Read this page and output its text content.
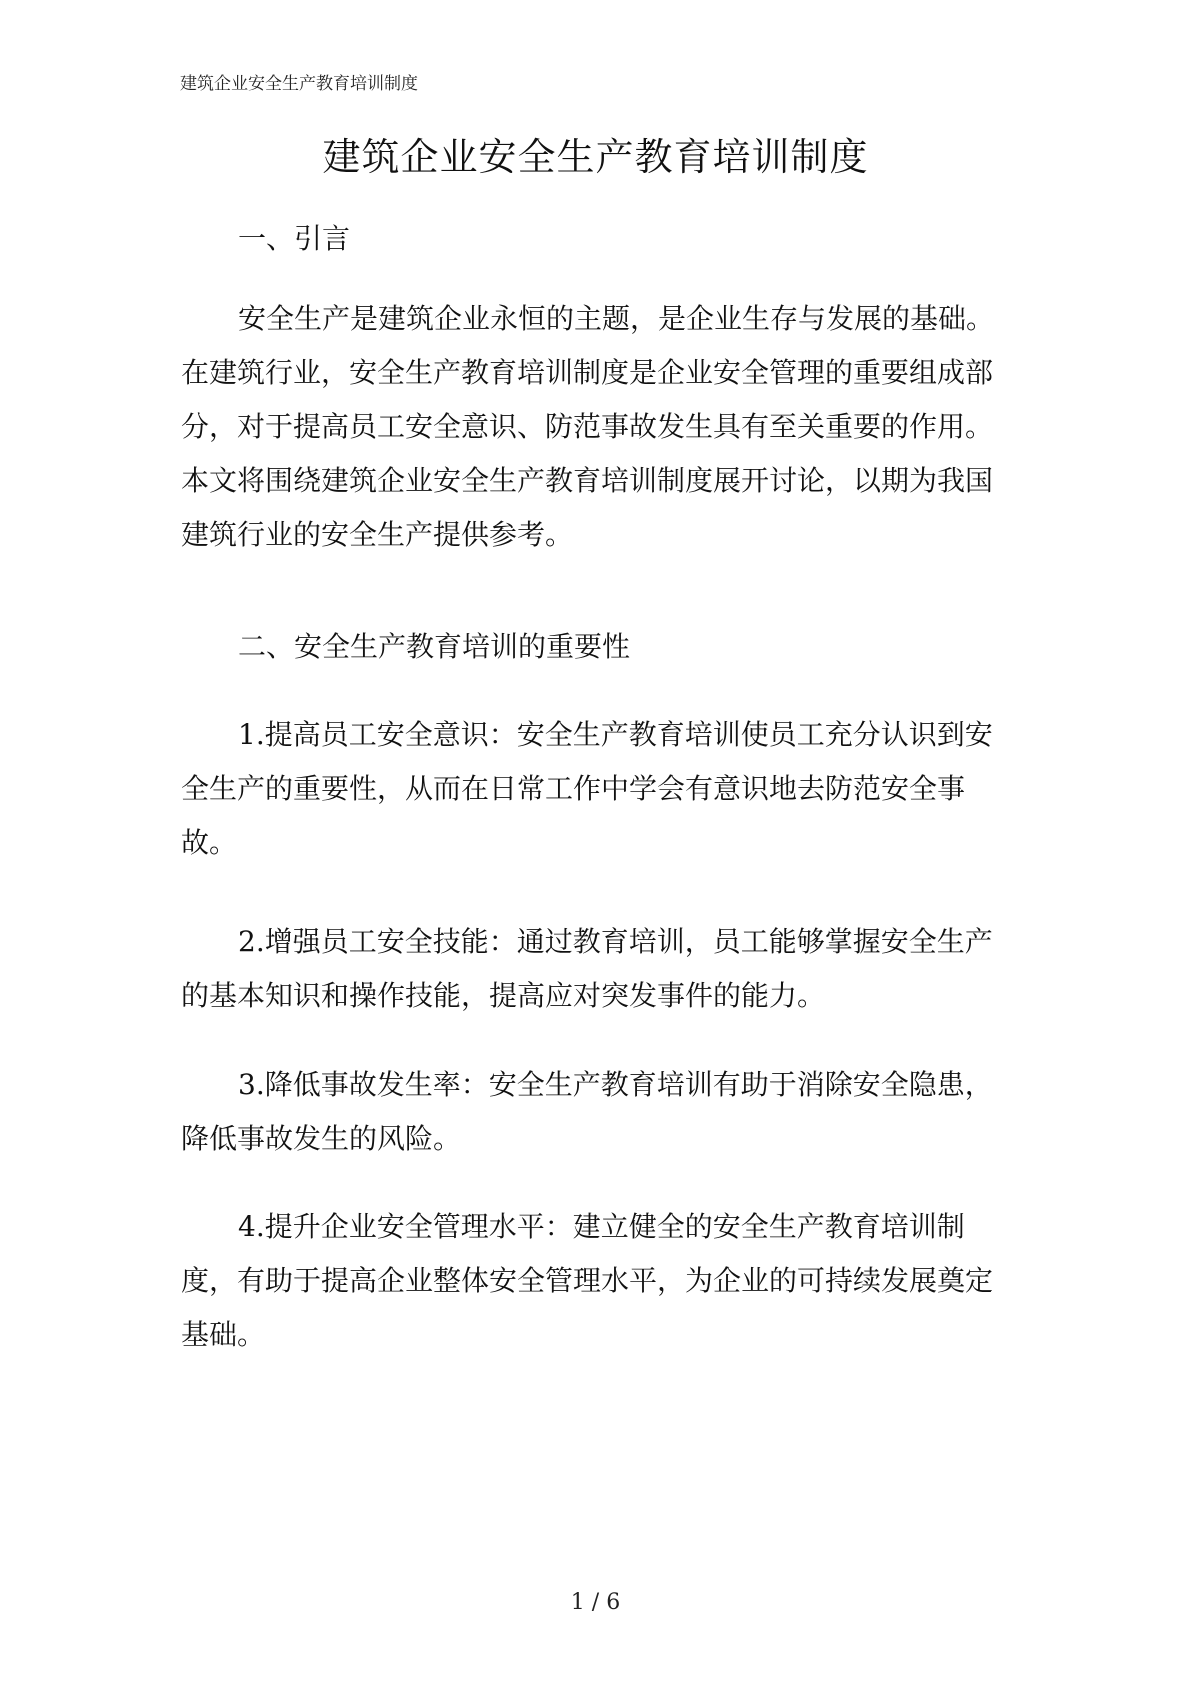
建筑企业安全生产教育培训制度
建筑企业安全生产教育培训制度
一、引言
安全生产是建筑企业永恒的主题，是企业生存与发展的基础。
在建筑行业，安全生产教育培训制度是企业安全管理的重要组成部
分，对于提高员工安全意识、防范事故发生具有至关重要的作用。
本文将围绕建筑企业安全生产教育培训制度展开讨论，以期为我国
建筑行业的安全生产提供参考。
二、安全生产教育培训的重要性
1.提高员工安全意识：安全生产教育培训使员工充分认识到安
全生产的重要性，从而在日常工作中学会有意识地去防范安全事
故。
2.增强员工安全技能：通过教育培训，员工能够掌握安全生产
的基本知识和操作技能，提高应对突发事件的能力。
3.降低事故发生率：安全生产教育培训有助于消除安全隐患，
降低事故发生的风险。
4.提升企业安全管理水平：建立健全的安全生产教育培训制
度，有助于提高企业整体安全管理水平，为企业的可持续发展奠定
基础。
1 / 6
